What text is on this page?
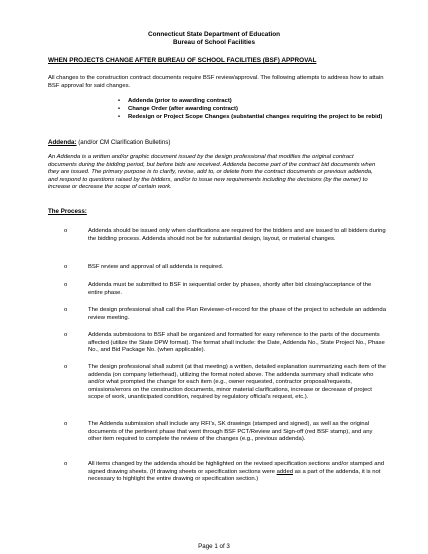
Connecticut State Department of Education
Bureau of School Facilities
WHEN PROJECTS CHANGE AFTER BUREAU OF SCHOOL FACILITIES (BSF) APPROVAL
All changes to the construction contract documents require BSF review/approval. The following attempts to address how to attain BSF approval for said changes.
• Addenda (prior to awarding contract)
• Change Order (after awarding contract)
• Redesign or Project Scope Changes (substantial changes requiring the project to be rebid)
Addenda: (and/or CM Clarification Bulletins)
An Addenda is a written and/or graphic document issued by the design professional that modifies the original contract documents during the bidding period, but before bids are received. Addenda become part of the contract bid documents when they are issued. The primary purpose is to clarify, revise, add to, or delete from the contract documents or previous addenda, and respond to questions raised by the bidders, and/or to issue new requirements including the decisions (by the owner) to increase or decrease the scope of certain work.
The Process:
o	Addenda should be issued only when clarifications are required for the bidders and are issued to all bidders during the bidding process. Addenda should not be for substantial design, layout, or material changes.
o	BSF review and approval of all addenda is required.
o	Addenda must be submitted to BSF in sequential order by phases, shortly after bid closing/acceptance of the entire phase.
o	The design professional shall call the Plan Reviewer-of-record for the phase of the project to schedule an addenda review meeting.
o	Addenda submissions to BSF shall be organized and formatted for easy reference to the parts of the documents affected (utilize the State DPW format). The format shall include: the Date, Addenda No., State Project No., Phase No., and Bid Package No. (when applicable).
o	The design professional shall submit (at that meeting) a written, detailed explanation summarizing each item of the addenda (on company letterhead), utilizing the format noted above. The addenda summary shall indicate who and/or what prompted the change for each item (e.g., owner requested, contractor proposal/requests, omissions/errors on the construction documents, minor material clarifications, increase or decrease of project scope of work, unanticipated condition, required by regulatory official's request, etc.).
o	The Addenda submission shall include any RFI's, SK drawings (stamped and signed), as well as the original documents of the pertinent phase that went through BSF PCT/Review and Sign-off (red BSF stamp), and any other item required to complete the review of the changes (e.g., previous addenda).
o	All items changed by the addenda should be highlighted on the revised specification sections and/or stamped and signed drawing sheets. (If drawing sheets or specification sections were added as a part of the addenda, it is not necessary to highlight the entire drawing or specification section.)
Page 1 of 3
